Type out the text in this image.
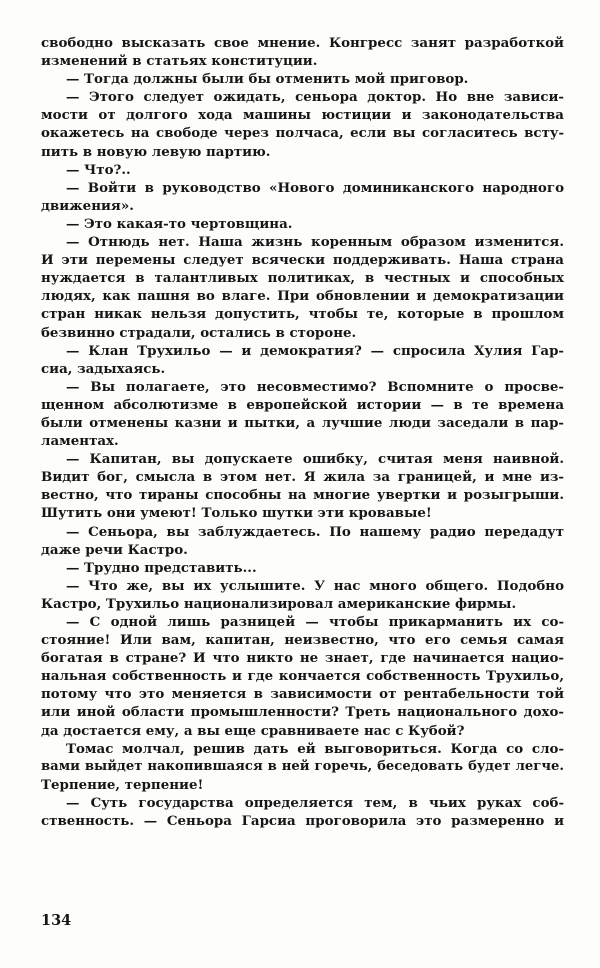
свободно высказать свое мнение. Конгресс занят разработкой
изменений в статьях конституции.
— Тогда должны были бы отменить мой приговор.
— Этого следует ожидать, сеньора доктор. Но вне завиcи-
мости от долгого хода машины юстиции и законодательства
окажетесь на свободе через полчаса, если вы согласитесь всту-
пить в новую левую партию.
— Что?..
— Войти в руководство «Нового доминиканского народного
движения».
— Это какая-то чертовщина.
— Отнюдь нет. Наша жизнь коренным образом изменится.
И эти перемены следует всячески поддерживать. Наша страна
нуждается в талантливых политиках, в честных и способных
людях, как пашня во влаге. При обновлении и демократизации
стран никак нельзя допустить, чтобы те, которые в прошлом
безвинно страдали, остались в стороне.
— Клан Трухильо — и демократия? — спросила Хулия Гар-
сиа, задыхаясь.
— Вы полагаете, это несовместимо? Вспомните о просве-
щенном абсолютизме в европейской истории — в те времена
были отменены казни и пытки, а лучшие люди заседали в пар-
ламентах.
— Капитан, вы допускаете ошибку, считая меня наивной.
Видит бог, смысла в этом нет. Я жила за границей, и мне из-
вестно, что тираны способны на многие увертки и розыгрыши.
Шутить они умеют! Только шутки эти кровавые!
— Сеньора, вы заблуждаетесь. По нашему радио передадут
даже речи Кастро.
— Трудно представить...
— Что же, вы их услышите. У нас много общего. Подобно
Кастро, Трухильо национализировал американские фирмы.
— С одной лишь разницей — чтобы прикарманить их со-
стояние! Или вам, капитан, неизвестно, что его семья самая
богатая в стране? И что никто не знает, где начинается нацио-
нальная собственность и где кончается собственность Трухильо,
потому что это меняется в зависимости от рентабельности той
или иной области промышленности? Треть национального дохо-
да достается ему, а вы еще сравниваете нас с Кубой?
Томас молчал, решив дать ей выговориться. Когда со сло-
вами выйдет накопившаяся в ней горечь, беседовать будет легче.
Терпение, терпение!
— Суть государства определяется тем, в чьих руках соб-
ственность. — Сеньора Гарсиа проговорила это размеренно и
134
